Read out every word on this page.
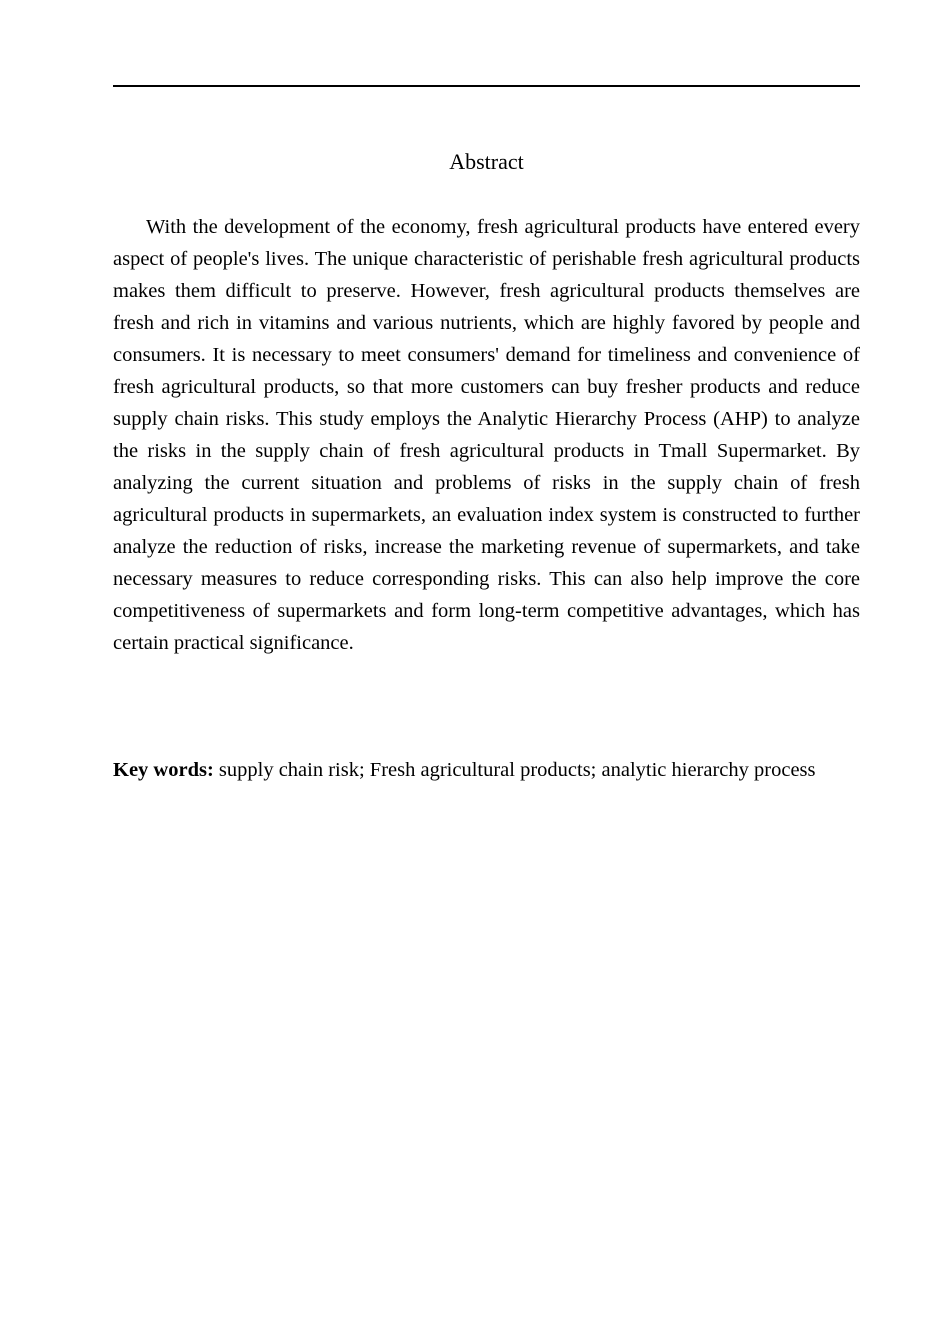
Abstract

With the development of the economy, fresh agricultural products have entered every aspect of people's lives. The unique characteristic of perishable fresh agricultural products makes them difficult to preserve. However, fresh agricultural products themselves are fresh and rich in vitamins and various nutrients, which are highly favored by people and consumers. It is necessary to meet consumers' demand for timeliness and convenience of fresh agricultural products, so that more customers can buy fresher products and reduce supply chain risks. This study employs the Analytic Hierarchy Process (AHP) to analyze the risks in the supply chain of fresh agricultural products in Tmall Supermarket. By analyzing the current situation and problems of risks in the supply chain of fresh agricultural products in supermarkets, an evaluation index system is constructed to further analyze the reduction of risks, increase the marketing revenue of supermarkets, and take necessary measures to reduce corresponding risks. This can also help improve the core competitiveness of supermarkets and form long-term competitive advantages, which has certain practical significance.

Key words: supply chain risk; Fresh agricultural products; analytic hierarchy process
